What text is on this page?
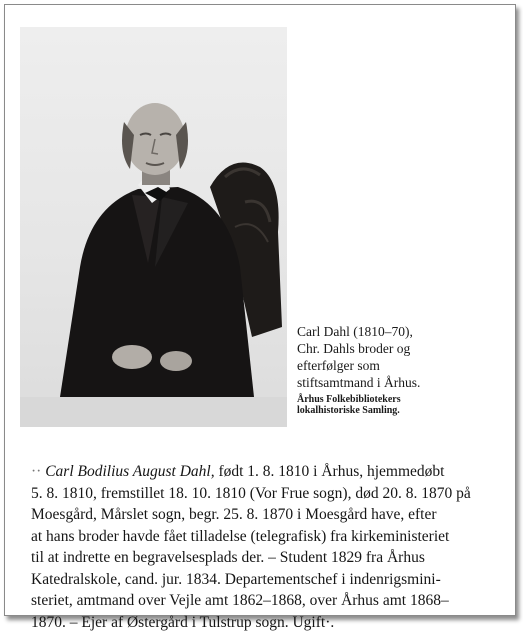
Carl Dahl (1810–70),
Chr. Dahls broder og
efterfølger som
stiftsamtmand i Århus.
Århus Folkebibliotekers
lokalhistoriske Samling.
·· Carl Bodilius August Dahl, født 1. 8. 1810 i Århus, hjemmedøbt
5. 8. 1810, fremstillet 18. 10. 1810 (Vor Frue sogn), død 20. 8. 1870 på
Moesgård, Mårslet sogn, begr. 25. 8. 1870 i Moesgård have, efter
at hans broder havde fået tilladelse (telegrafisk) fra kirkeministeriet
til at indrette en begravelsesplads der. – Student 1829 fra Århus
Katedralskole, cand. jur. 1834. Departementschef i indenrigsmini-
steriet, amtmand over Vejle amt 1862–1868, over Århus amt 1868–
1870. – Ejer af Østergård i Tulstrup sogn. Ugift·.
